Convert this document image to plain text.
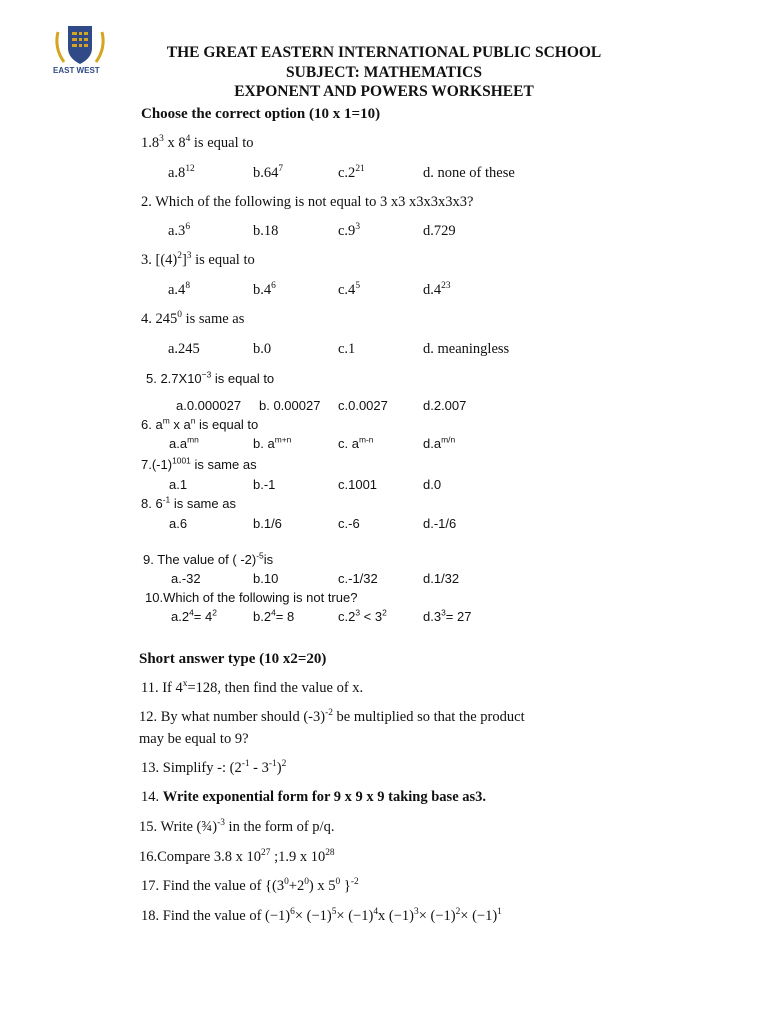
EAST WEST
THE GREAT EASTERN INTERNATIONAL PUBLIC SCHOOL
SUBJECT: MATHEMATICS
EXPONENT AND POWERS WORKSHEET
Choose the correct option (10 x 1=10)
$1.8^3$ x $8^4$ is equal to
$a.8^{12}$	$b.64^7$	$c.2^{21}$	d. none of these
2. Which of the following is not equal to 3 x3 x3x3x3x3?
$a.3^6$	b.18	$c.9^3$	d.729
3. $[(4)^2]^3$ is equal to
$a.4^8$	$b.4^6$	$c.4^5$	$d.4^{23}$
4. $245^0$ is same as
a.245	b.0	c.1	d. meaningless
5. $2.7X10^{-3}$ is equal to
a.0.000027 b. 0.00027 c.0.0027	d.2.007
6. $a^m$ x $a^n$ is equal to
$a.a^{mn}$	b. $a^{m+n}$	c. $a^{m-n}$	$d.a^{m/n}$
$7.(-1)^{1001}$ is same as
a.1	b.-1	c.1001	d.0
8. $6^{-1}$ is same as
a.6	b.1/6	c.-6	d.-1/6
9. The value of ( -2)$^{-5}$is
a.-32	b.10	c.-1/32	d.1/32
10.Which of the following is not true?
$a.2^4= 4^2$	$b.2^4= 8$	$c.2^3 < 3^2$	$d.3^3= 27$
Short answer type (10 x2=20)
11. If $4^x=128$, then find the value of x.
12. By what number should $(-3)^{-2}$ be multiplied so that the product
may be equal to 9?
13. Simplify -: $(2^{-1} - 3^{-1})^2$
14. Write exponential form for 9 x 9 x 9 taking base as3.
15. Write (¾)$^{-3}$ in the form of p/q.
16.Compare 3.8 x $10^{27}$ ;1.9 x $10^{28}$
17. Find the value of {$(3^0+2^0)$ x $5^0$ }$^{-2}$
18. Find the value of $(-1)^6\times (-1)^5\times (-1)^4x$ $(-1)^3\times (-1)^2\times (-1)^1$
